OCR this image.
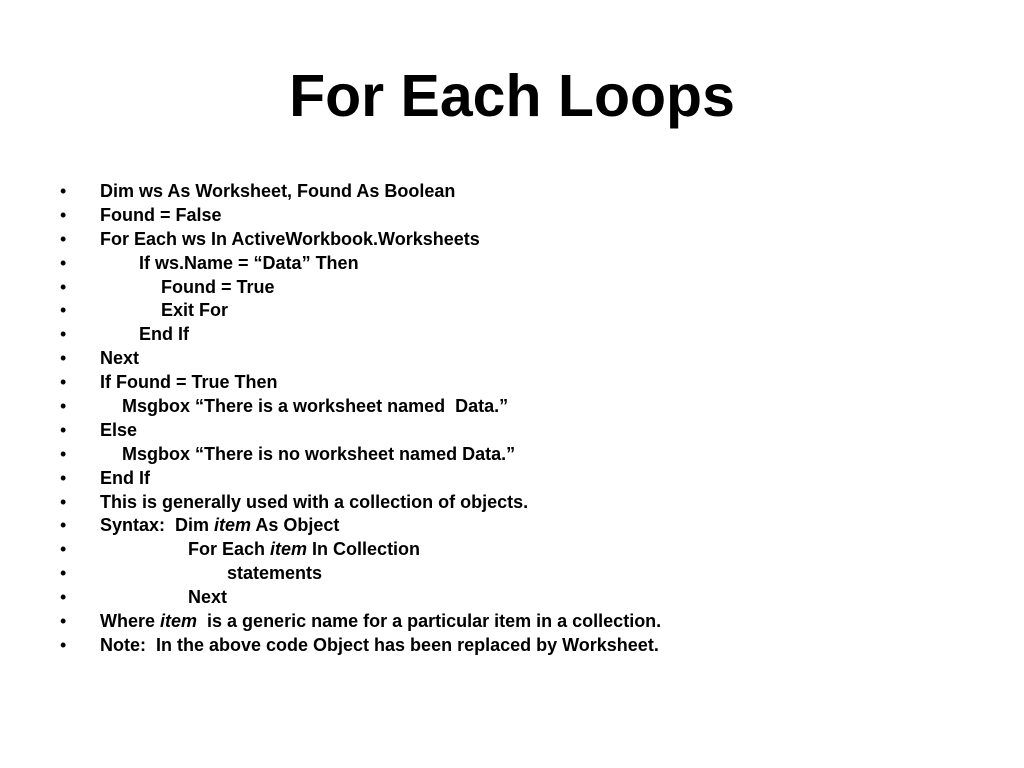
For Each Loops

•

Dim ws As Worksheet, Found As Boolean

•

Found = False

•

For Each ws In ActiveWorkbook.Worksheets

•

	If ws.Name = “Data” Then

•

	Found = True

•

	Exit For

•

	End If

•

Next

•

If Found = True Then

•

	Msgbox “There is a worksheet named  Data.”

•

Else

•

	Msgbox “There is no worksheet named Data.”

•

End If

•

This is generally used with a collection of objects.

•

Syntax:  Dim item As Object

•

	For Each item In Collection

•

	statements

•

	Next

•

Where item  is a generic name for a particular item in a collection.

•

Note:  In the above code Object has been replaced by Worksheet.
